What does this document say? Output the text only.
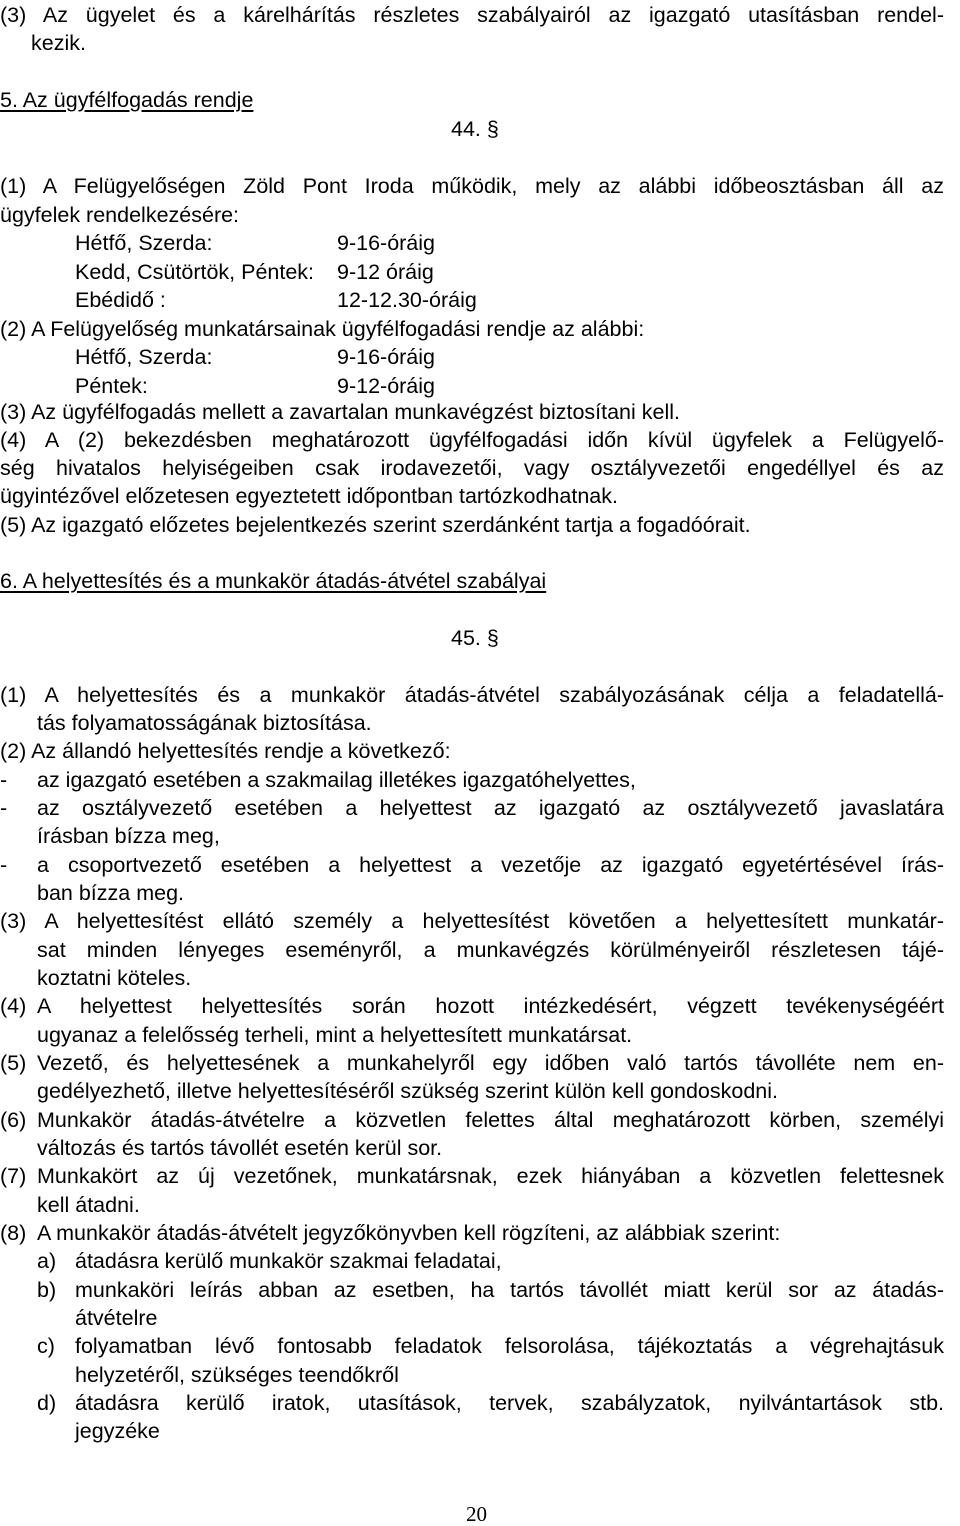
(3) Az ügyelet és a kárelhárítás részletes szabályairól az igazgató utasításban rendel-
kezik.
5. Az ügyfélfogadás rendje
44. §
(1) A Felügyelőségen Zöld Pont Iroda működik, mely az alábbi időbeosztásban áll az
ügyfelek rendelkezésére:
Hétfő, Szerda:	9-16-óráig
Kedd, Csütörtök, Péntek: 9-12 óráig
Ebédidő :	12-12.30-óráig
(2) A Felügyelőség munkatársainak ügyfélfogadási rendje az alábbi:
Hétfő, Szerda:	9-16-óráig
Péntek:	9-12-óráig
(3) Az ügyfélfogadás mellett a zavartalan munkavégzést biztosítani kell.
(4) A (2) bekezdésben meghatározott ügyfélfogadási időn kívül ügyfelek a Felügyelő-
ség hivatalos helyiségeiben csak irodavezetői, vagy osztályvezetői engedéllyel és az
ügyintézővel előzetesen egyeztetett időpontban tartózkodhatnak.
(5) Az igazgató előzetes bejelentkezés szerint szerdánként tartja a fogadóórait.
6. A helyettesítés és a munkakör átadás-átvétel szabályai
45. §
(1) A helyettesítés és a munkakör átadás-átvétel szabályozásának célja a feladatellá-
tás folyamatosságának biztosítása.
(2) Az állandó helyettesítés rendje a következő:
- az igazgató esetében a szakmailag illetékes igazgatóhelyettes,
- az osztályvezető esetében a helyettest az igazgató az osztályvezető javaslatára
írásban bízza meg,
- a csoportvezető esetében a helyettest a vezetője az igazgató egyetértésével írás-
ban bízza meg.
(3) A helyettesítést ellátó személy a helyettesítést követően a helyettesített munkatár-
sat minden lényeges eseményről, a munkavégzés körülményeiről részletesen tájé-
koztatni köteles.
(4) A helyettest helyettesítés során hozott intézkedésért, végzett tevékenységéért
ugyanaz a felelősség terheli, mint a helyettesített munkatársat.
(5) Vezető, és helyettesének a munkahelyről egy időben való tartós távolléte nem en-
gedélyezhető, illetve helyettesítéséről szükség szerint külön kell gondoskodni.
(6) Munkakör átadás-átvételre a közvetlen felettes által meghatározott körben, személyi
változás és tartós távollét esetén kerül sor.
(7) Munkakört az új vezetőnek, munkatársnak, ezek hiányában a közvetlen felettesnek
kell átadni.
(8) A munkakör átadás-átvételt jegyzőkönyvben kell rögzíteni, az alábbiak szerint:
a) átadásra kerülő munkakör szakmai feladatai,
b) munkaköri leírás abban az esetben, ha tartós távollét miatt kerül sor az átadás-
átvételre
c) folyamatban lévő fontosabb feladatok felsorolása, tájékoztatás a végrehajtásuk
helyzetéről, szükséges teendőkről
d) átadásra kerülő iratok, utasítások, tervek, szabályzatok, nyilvántartások stb.
jegyzéke
20
